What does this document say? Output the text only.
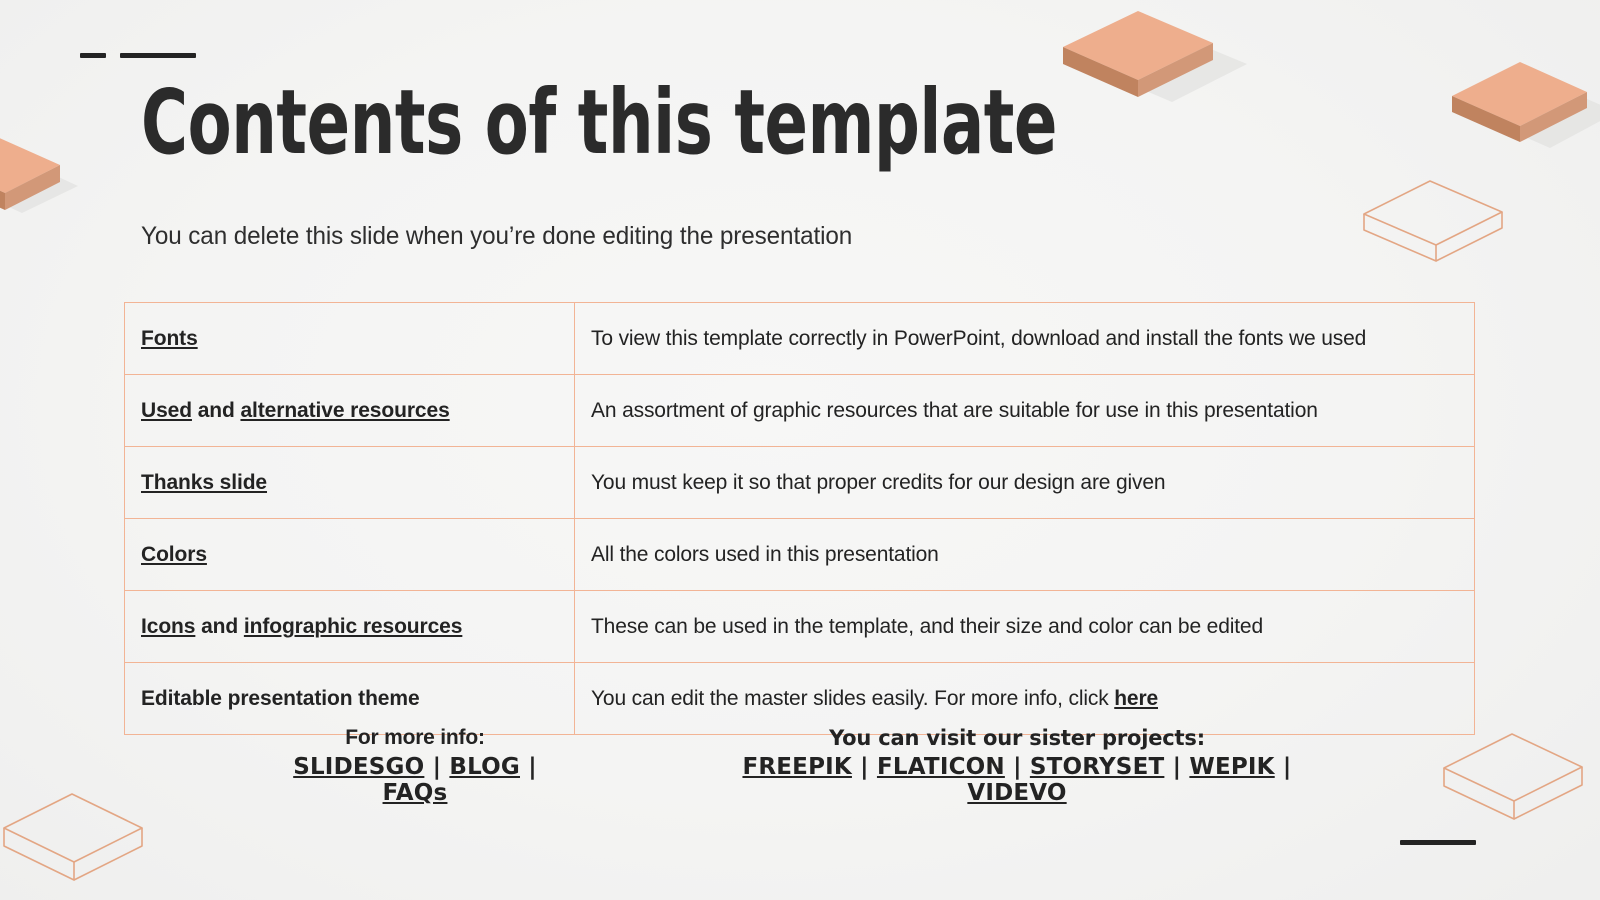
Contents of this template
You can delete this slide when you’re done editing the presentation
Fonts	To view this template correctly in PowerPoint, download and install the fonts we used

Used and alternative resources	An assortment of graphic resources that are suitable for use in this presentation

Thanks slide	You must keep it so that proper credits for our design are given

Colors	All the colors used in this presentation

Icons and infographic resources	These can be used in the template, and their size and color can be edited

Editable presentation theme	You can edit the master slides easily. For more info, click here
For more info:
SLIDESGO | BLOG | FAQs
You can visit our sister projects:
FREEPIK | FLATICON | STORYSET | WEPIK | VIDEVO
